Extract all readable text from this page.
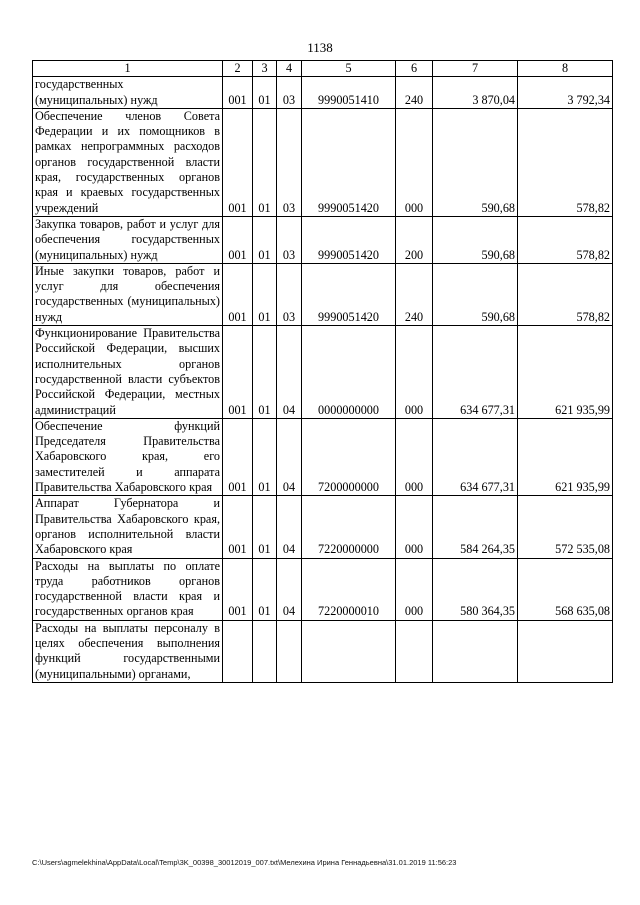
1138
1	2	3	4	5	6	7	8
государственных
(муниципальных) нужд	001	01	03	9990051410	240	3 870,04	3 792,34
Обеспечение членов Совета Федерации и их помощников в рамках непрограммных расходов органов государственной власти края, государственных органов края и краевых государственных учреждений	001	01	03	9990051420	000	590,68	578,82
Закупка товаров, работ и услуг для обеспечения государственных (муниципальных) нужд	001	01	03	9990051420	200	590,68	578,82
Иные закупки товаров, работ и услуг для обеспечения государственных (муниципальных) нужд	001	01	03	9990051420	240	590,68	578,82
Функционирование Правительства Российской Федерации, высших исполнительных органов государственной власти субъектов Российской Федерации, местных администраций	001	01	04	0000000000	000	634 677,31	621 935,99
Обеспечение функций Председателя Правительства Хабаровского края, его заместителей и аппарата Правительства Хабаровского края	001	01	04	7200000000	000	634 677,31	621 935,99
Аппарат Губернатора и Правительства Хабаровского края, органов исполнительной власти Хабаровского края	001	01	04	7220000000	000	584 264,35	572 535,08
Расходы на выплаты по оплате труда работников органов государственной власти края и государственных органов края	001	01	04	7220000010	000	580 364,35	568 635,08
Расходы на выплаты персоналу в целях обеспечения выполнения функций государственными (муниципальными) органами,							
C:\Users\agmelekhina\AppData\Local\Temp\3K_00398_30012019_007.txt\Мелехина Ирина Геннадьевна\31.01.2019 11:56:23
